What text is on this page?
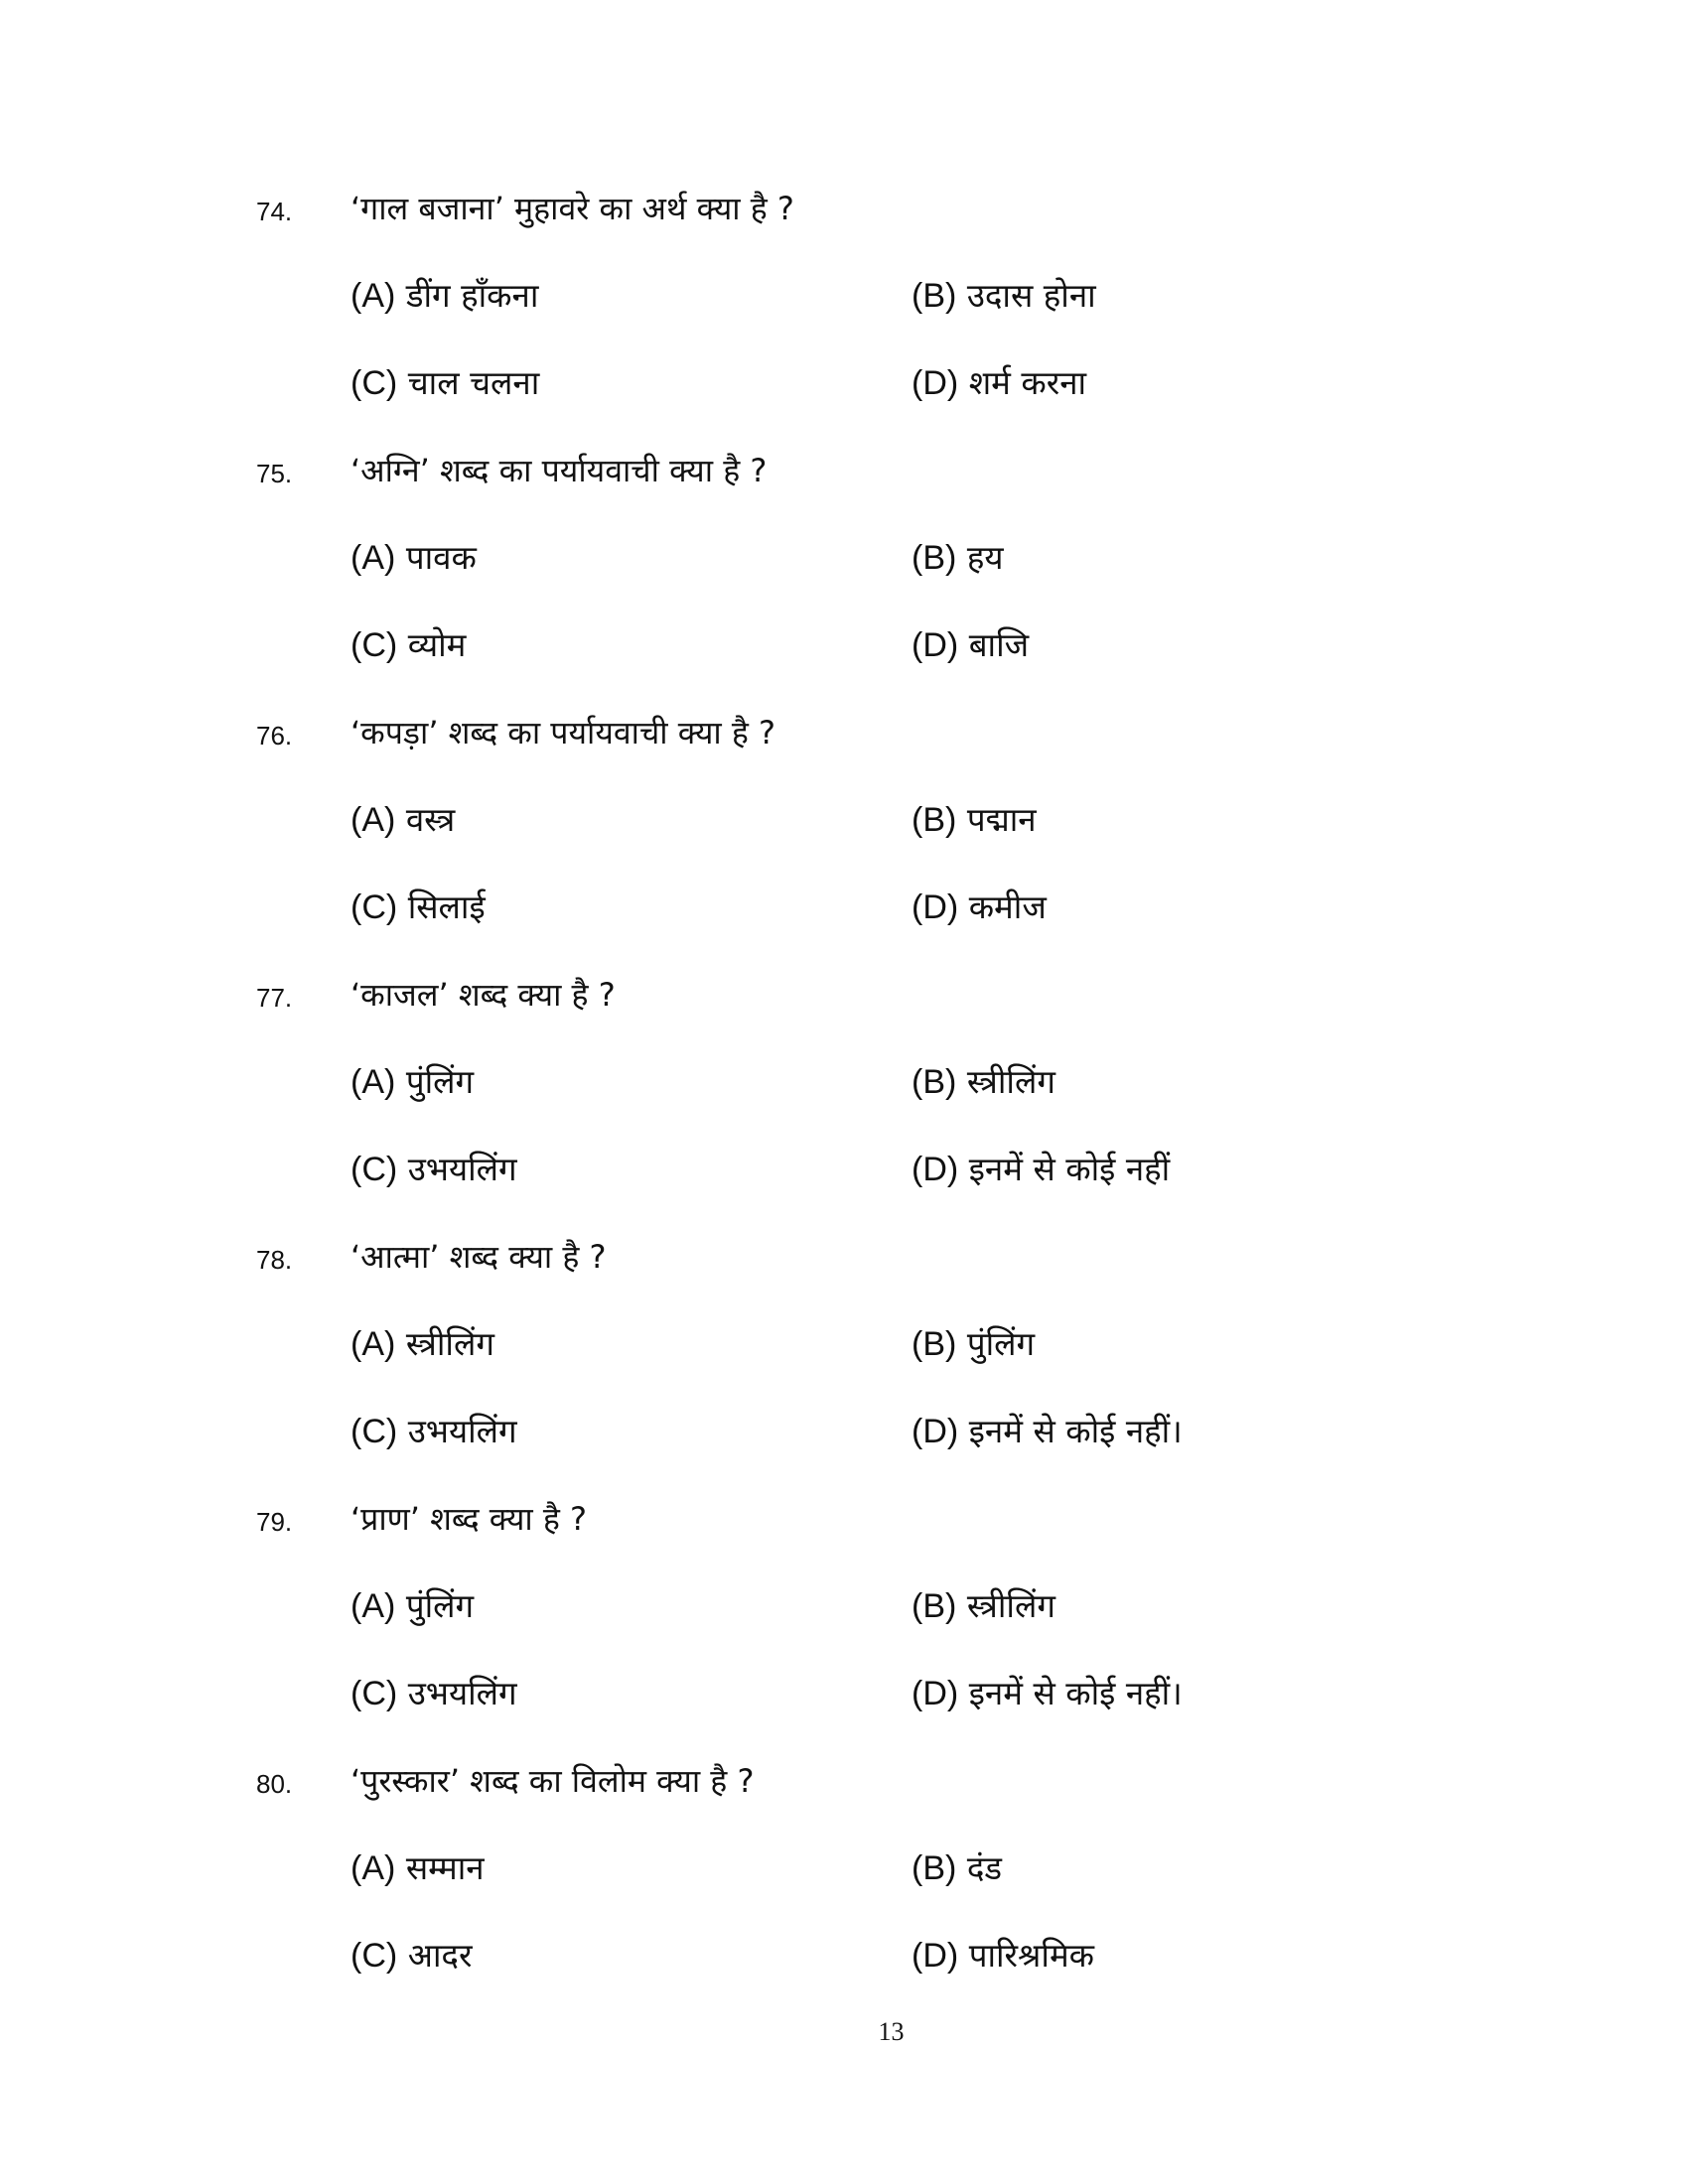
74. ‘गाल बजाना’ मुहावरे का अर्थ क्या है ?
(A) डींग हाँकना	(B) उदास होना
(C) चाल चलना	(D) शर्म करना
75. ‘अग्नि’ शब्द का पर्यायवाची क्या है ?
(A) पावक	(B) हय
(C) व्योम	(D) बाजि
76. ‘कपड़ा’ शब्द का पर्यायवाची क्या है ?
(A) वस्त्र	(B) पद्मान
(C) सिलाई	(D) कमीज
77. ‘काजल’ शब्द क्या है ?
(A) पुंलिंग	(B) स्त्रीलिंग
(C) उभयलिंग	(D) इनमें से कोई नहीं
78. ‘आत्मा’ शब्द क्या है ?
(A) स्त्रीलिंग	(B) पुंलिंग
(C) उभयलिंग	(D) इनमें से कोई नहीं।
79. ‘प्राण’ शब्द क्या है ?
(A) पुंलिंग	(B) स्त्रीलिंग
(C) उभयलिंग	(D) इनमें से कोई नहीं।
80. ‘पुरस्कार’ शब्द का विलोम क्या है ?
(A) सम्मान	(B) दंड
(C) आदर	(D) पारिश्रमिक
13
